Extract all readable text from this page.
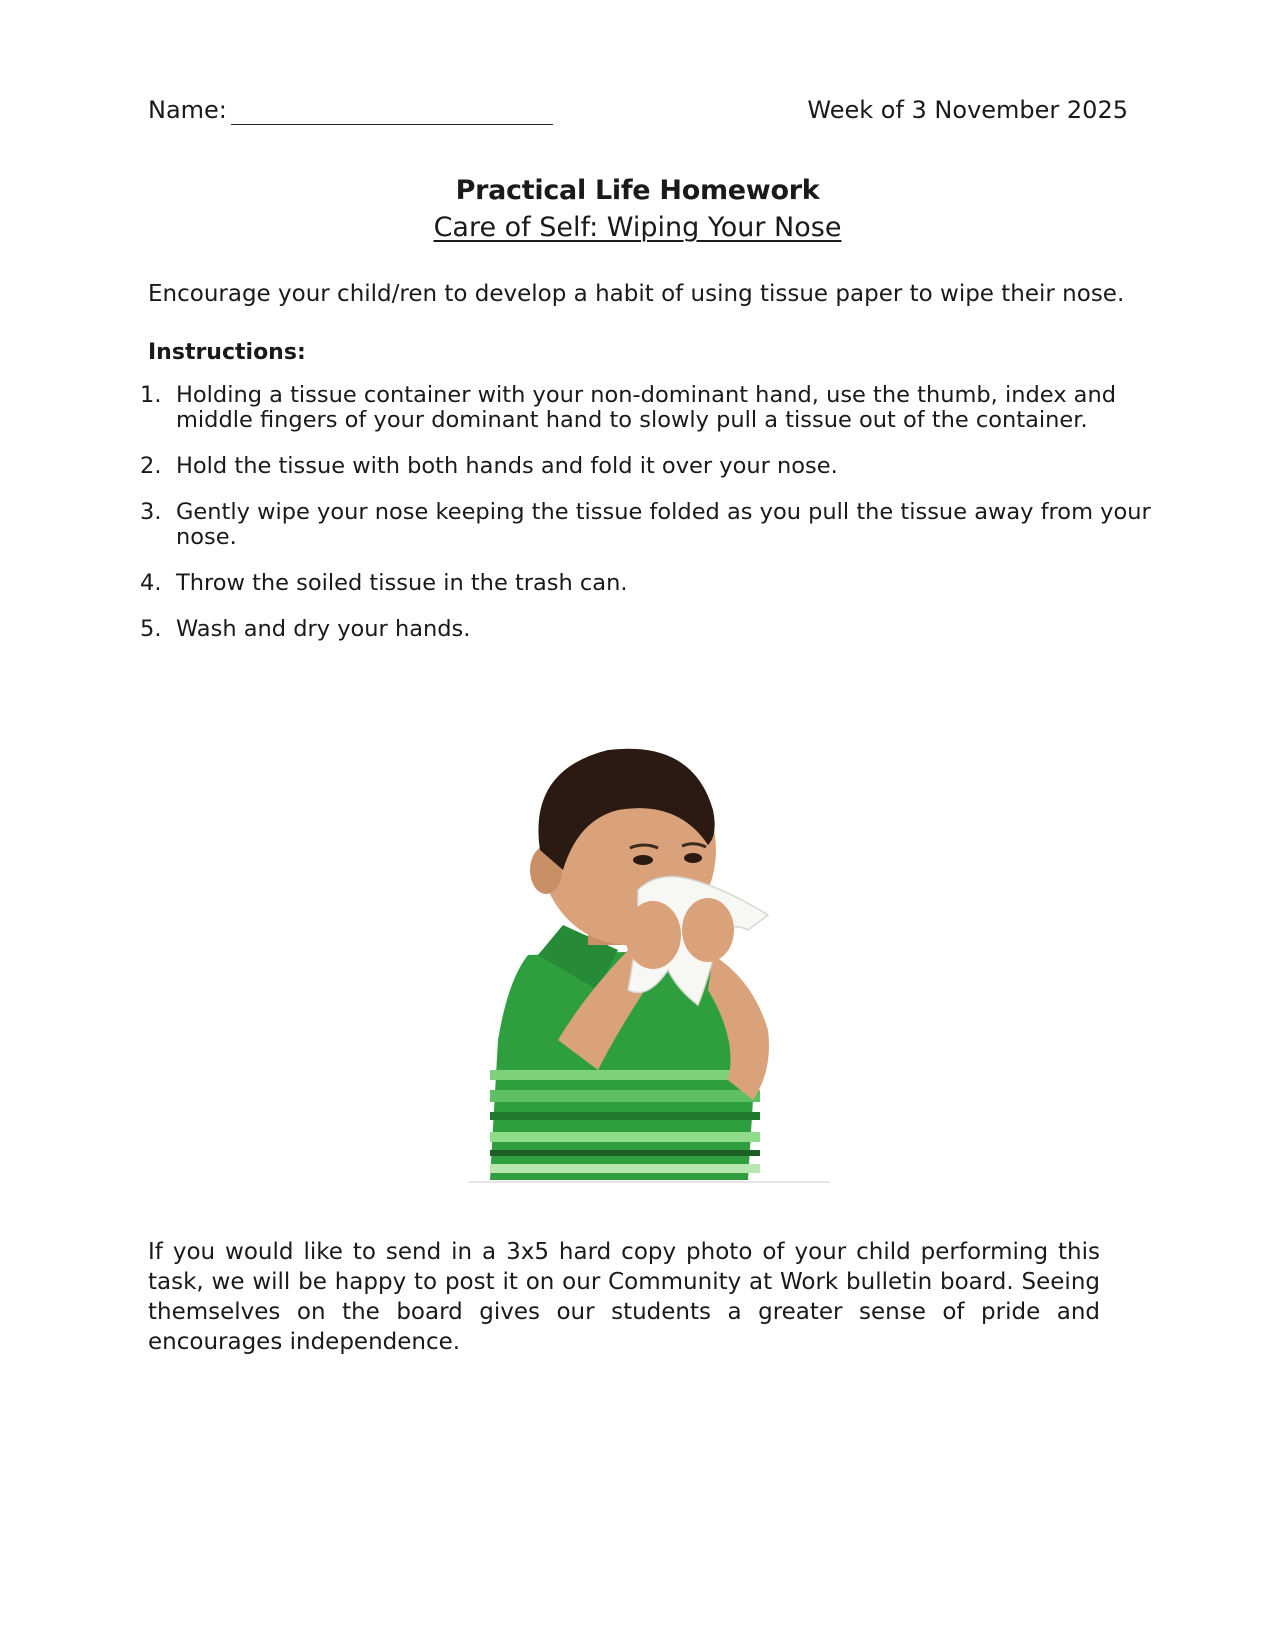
Name:	Week of 3 November 2025
Practical Life Homework
Care of Self: Wiping Your Nose
Encourage your child/ren to develop a habit of using tissue paper to wipe their nose.
Instructions:
1. Holding a tissue container with your non-dominant hand, use the thumb, index and middle fingers of your dominant hand to slowly pull a tissue out of the container.
2. Hold the tissue with both hands and fold it over your nose.
3. Gently wipe your nose keeping the tissue folded as you pull the tissue away from your nose.
4. Throw the soiled tissue in the trash can.
5. Wash and dry your hands.
If you would like to send in a 3x5 hard copy photo of your child performing this task, we will be happy to post it on our Community at Work bulletin board. Seeing themselves on the board gives our students a greater sense of pride and encourages independence.
